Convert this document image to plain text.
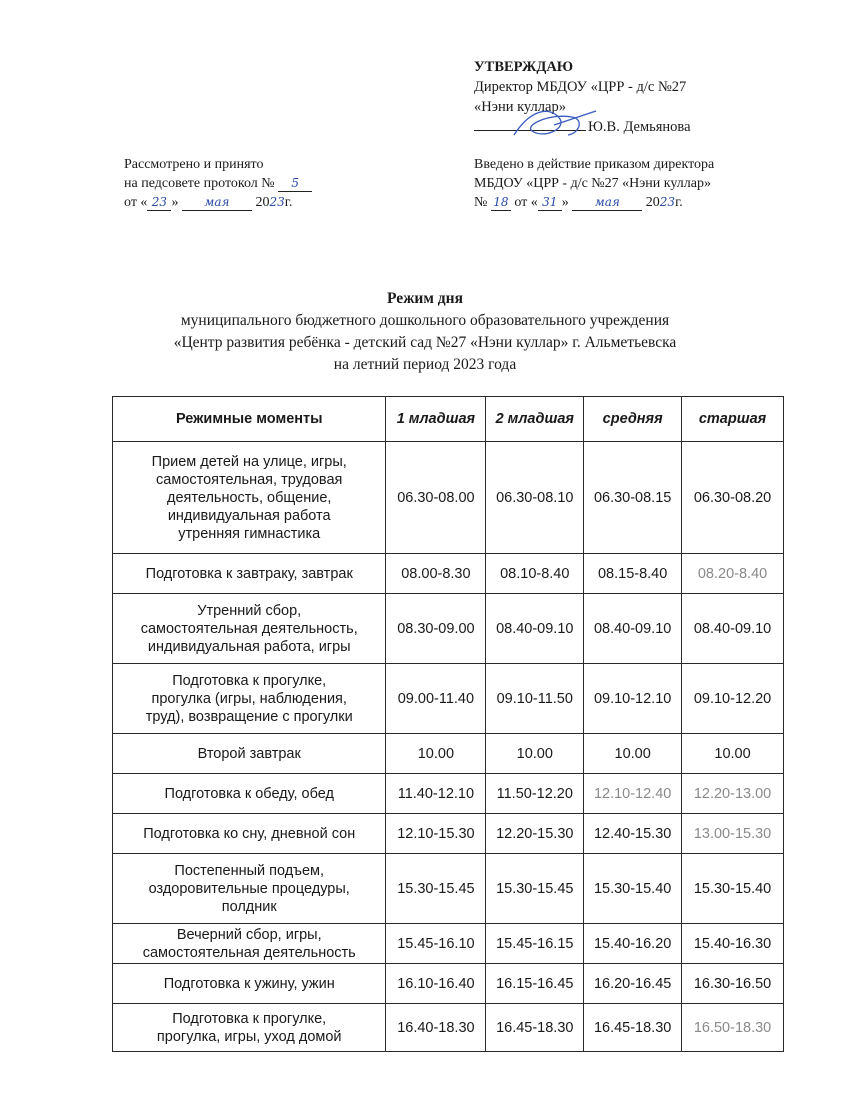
УТВЕРЖДАЮ
Директор МБДОУ «ЦРР - д/с №27
«Нэни куллар»
Ю.В. Демьянова
Рассмотрено и принято
на педсовете протокол № 5
от « 23 » мая 2023г.
Введено в действие приказом директора
МБДОУ «ЦРР - д/с №27 «Нэни куллар»
№ 18 от « 31 » мая 2023г.
Режим дня
муниципального бюджетного дошкольного образовательного учреждения
«Центр развития ребёнка - детский сад №27 «Нэни куллар» г. Альметьевска
на летний период 2023 года
Режимные моменты	1 младшая	2 младшая	средняя	старшая

Прием детей на улице, игры,
самостоятельная, трудовая
деятельность, общение,
индивидуальная работа
утренняя гимнастика	06.30-08.00	06.30-08.10	06.30-08.15	06.30-08.20

Подготовка к завтраку, завтрак	08.00-8.30	08.10-8.40	08.15-8.40	08.20-8.40

Утренний сбор,
самостоятельная деятельность,
индивидуальная работа, игры	08.30-09.00	08.40-09.10	08.40-09.10	08.40-09.10

Подготовка к прогулке,
прогулка (игры, наблюдения,
труд), возвращение с прогулки	09.00-11.40	09.10-11.50	09.10-12.10	09.10-12.20

Второй завтрак	10.00	10.00	10.00	10.00

Подготовка к обеду, обед	11.40-12.10	11.50-12.20	12.10-12.40	12.20-13.00

Подготовка ко сну, дневной сон	12.10-15.30	12.20-15.30	12.40-15.30	13.00-15.30

Постепенный подъем,
оздоровительные процедуры,
полдник	15.30-15.45	15.30-15.45	15.30-15.40	15.30-15.40

Вечерний сбор, игры,
самостоятельная деятельность	15.45-16.10	15.45-16.15	15.40-16.20	15.40-16.30

Подготовка к ужину, ужин	16.10-16.40	16.15-16.45	16.20-16.45	16.30-16.50

Подготовка к прогулке,
прогулка, игры, уход домой	16.40-18.30	16.45-18.30	16.45-18.30	16.50-18.30
